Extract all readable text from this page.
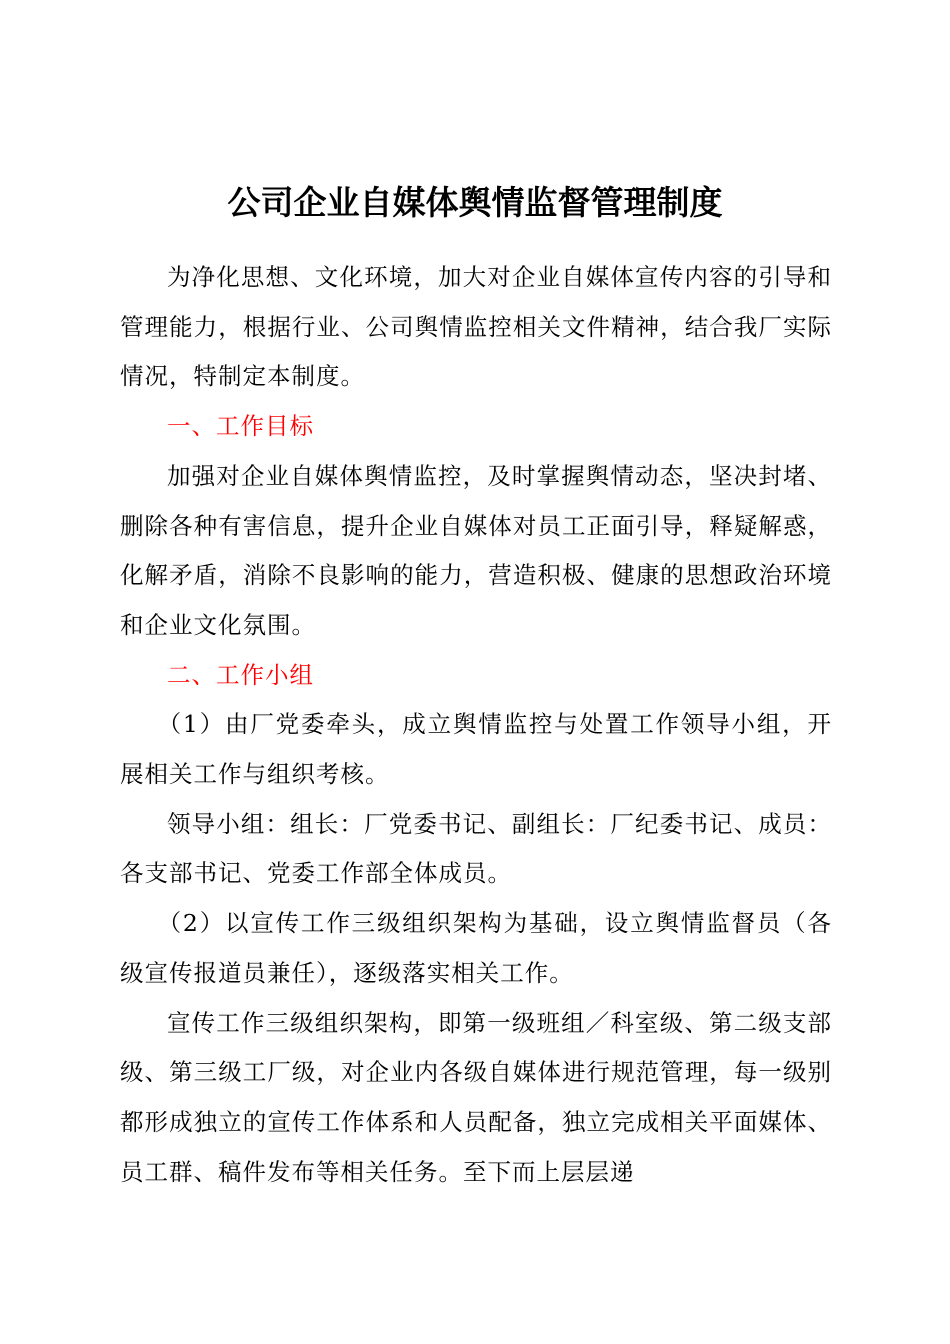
公司企业自媒体舆情监督管理制度

为净化思想、文化环境，加大对企业自媒体宣传内容的引导和管理能力，根据行业、公司舆情监控相关文件精神，结合我厂实际情况，特制定本制度。

一、工作目标

加强对企业自媒体舆情监控，及时掌握舆情动态，坚决封堵、删除各种有害信息，提升企业自媒体对员工正面引导，释疑解惑，化解矛盾，消除不良影响的能力，营造积极、健康的思想政治环境和企业文化氛围。

二、工作小组

（1）由厂党委牵头，成立舆情监控与处置工作领导小组，开展相关工作与组织考核。

领导小组：组长：厂党委书记、副组长：厂纪委书记、成员：各支部书记、党委工作部全体成员。

（2）以宣传工作三级组织架构为基础，设立舆情监督员（各级宣传报道员兼任），逐级落实相关工作。

宣传工作三级组织架构，即第一级班组／科室级、第二级支部级、第三级工厂级，对企业内各级自媒体进行规范管理，每一级别都形成独立的宣传工作体系和人员配备，独立完成相关平面媒体、员工群、稿件发布等相关任务。至下而上层层递
